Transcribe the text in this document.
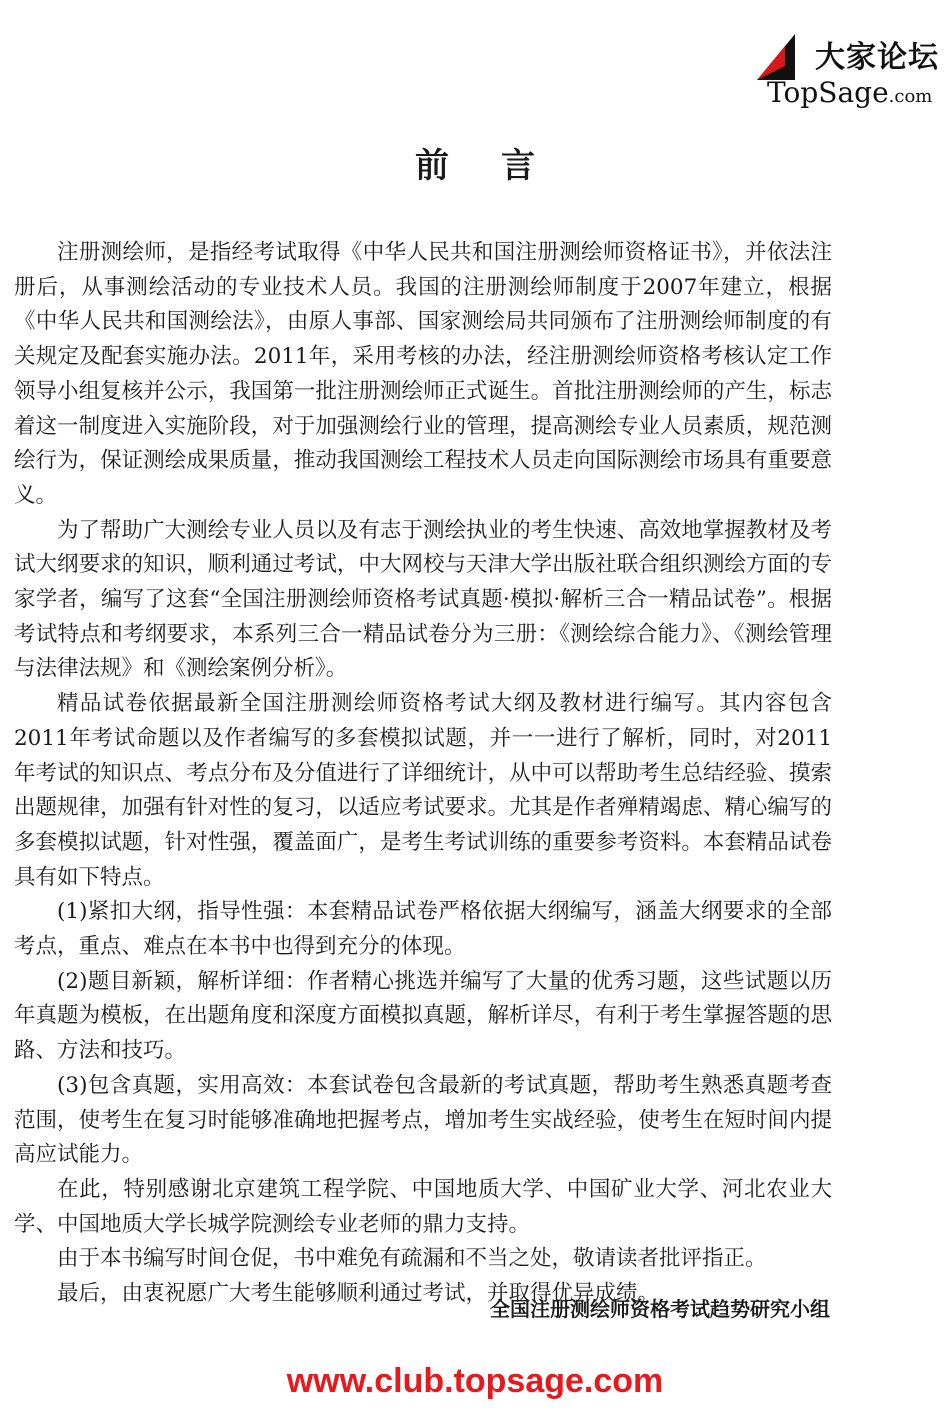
大家论坛
TopSage.com
前言

注册测绘师，是指经考试取得《中华人民共和国注册测绘师资格证书》，并依法注册后，从事测绘活动的专业技术人员。我国的注册测绘师制度于2007年建立，根据《中华人民共和国测绘法》，由原人事部、国家测绘局共同颁布了注册测绘师制度的有关规定及配套实施办法。2011年，采用考核的办法，经注册测绘师资格考核认定工作领导小组复核并公示，我国第一批注册测绘师正式诞生。首批注册测绘师的产生，标志着这一制度进入实施阶段，对于加强测绘行业的管理，提高测绘专业人员素质，规范测绘行为，保证测绘成果质量，推动我国测绘工程技术人员走向国际测绘市场具有重要意义。

为了帮助广大测绘专业人员以及有志于测绘执业的考生快速、高效地掌握教材及考试大纲要求的知识，顺利通过考试，中大网校与天津大学出版社联合组织测绘方面的专家学者，编写了这套“全国注册测绘师资格考试真题·模拟·解析三合一精品试卷”。根据考试特点和考纲要求，本系列三合一精品试卷分为三册：《测绘综合能力》、《测绘管理与法律法规》和《测绘案例分析》。

精品试卷依据最新全国注册测绘师资格考试大纲及教材进行编写。其内容包含2011年考试命题以及作者编写的多套模拟试题，并一一进行了解析，同时，对2011年考试的知识点、考点分布及分值进行了详细统计，从中可以帮助考生总结经验、摸索出题规律，加强有针对性的复习，以适应考试要求。尤其是作者殚精竭虑、精心编写的多套模拟试题，针对性强，覆盖面广，是考生考试训练的重要参考资料。本套精品试卷具有如下特点。

(1)紧扣大纲，指导性强：本套精品试卷严格依据大纲编写，涵盖大纲要求的全部考点，重点、难点在本书中也得到充分的体现。

(2)题目新颖，解析详细：作者精心挑选并编写了大量的优秀习题，这些试题以历年真题为模板，在出题角度和深度方面模拟真题，解析详尽，有利于考生掌握答题的思路、方法和技巧。

(3)包含真题，实用高效：本套试卷包含最新的考试真题，帮助考生熟悉真题考查范围，使考生在复习时能够准确地把握考点，增加考生实战经验，使考生在短时间内提高应试能力。

在此，特别感谢北京建筑工程学院、中国地质大学、中国矿业大学、河北农业大学、中国地质大学长城学院测绘专业老师的鼎力支持。

由于本书编写时间仓促，书中难免有疏漏和不当之处，敬请读者批评指正。

最后，由衷祝愿广大考生能够顺利通过考试，并取得优异成绩。

全国注册测绘师资格考试趋势研究小组
www.club.topsage.com
